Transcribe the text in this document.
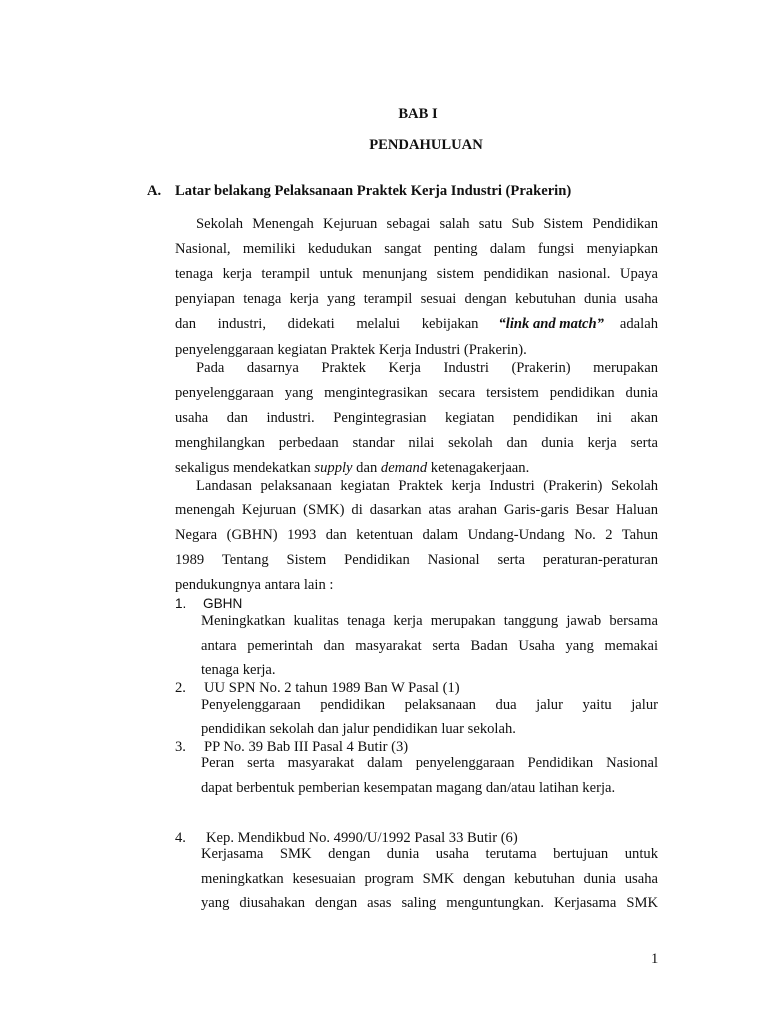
BAB I
PENDAHULUAN
A. Latar belakang Pelaksanaan Praktek Kerja Industri (Prakerin)
Sekolah Menengah Kejuruan sebagai salah satu Sub Sistem Pendidikan
Nasional, memiliki kedudukan sangat penting dalam fungsi menyiapkan
tenaga kerja terampil untuk menunjang sistem pendidikan nasional. Upaya
penyiapan tenaga kerja yang terampil sesuai dengan kebutuhan dunia usaha
dan industri, didekati melalui kebijakan “link and match” adalah
penyelenggaraan kegiatan Praktek Kerja Industri (Prakerin).
Pada dasarnya Praktek Kerja Industri (Prakerin) merupakan
penyelenggaraan yang mengintegrasikan secara tersistem pendidikan dunia
usaha dan industri. Pengintegrasian kegiatan pendidikan ini akan
menghilangkan perbedaan standar nilai sekolah dan dunia kerja serta
sekaligus mendekatkan supply dan demand ketenagakerjaan.
Landasan pelaksanaan kegiatan Praktek kerja Industri (Prakerin) Sekolah
menengah Kejuruan (SMK) di dasarkan atas arahan Garis-garis Besar Haluan
Negara (GBHN) 1993 dan ketentuan dalam Undang-Undang No. 2 Tahun
1989 Tentang Sistem Pendidikan Nasional serta peraturan-peraturan
pendukungnya antara lain :
1. GBHN
Meningkatkan kualitas tenaga kerja merupakan tanggung jawab bersama
antara pemerintah dan masyarakat serta Badan Usaha yang memakai
tenaga kerja.
2. UU SPN No. 2 tahun 1989 Ban W Pasal (1)
Penyelenggaraan pendidikan pelaksanaan dua jalur yaitu jalur
pendidikan sekolah dan jalur pendidikan luar sekolah.
3. PP No. 39 Bab III Pasal 4 Butir (3)
Peran serta masyarakat dalam penyelenggaraan Pendidikan Nasional
dapat berbentuk pemberian kesempatan magang dan/atau latihan kerja.
4. Kep. Mendikbud No. 4990/U/1992 Pasal 33 Butir (6)
Kerjasama SMK dengan dunia usaha terutama bertujuan untuk
meningkatkan kesesuaian program SMK dengan kebutuhan dunia usaha
yang diusahakan dengan asas saling menguntungkan. Kerjasama SMK
1
